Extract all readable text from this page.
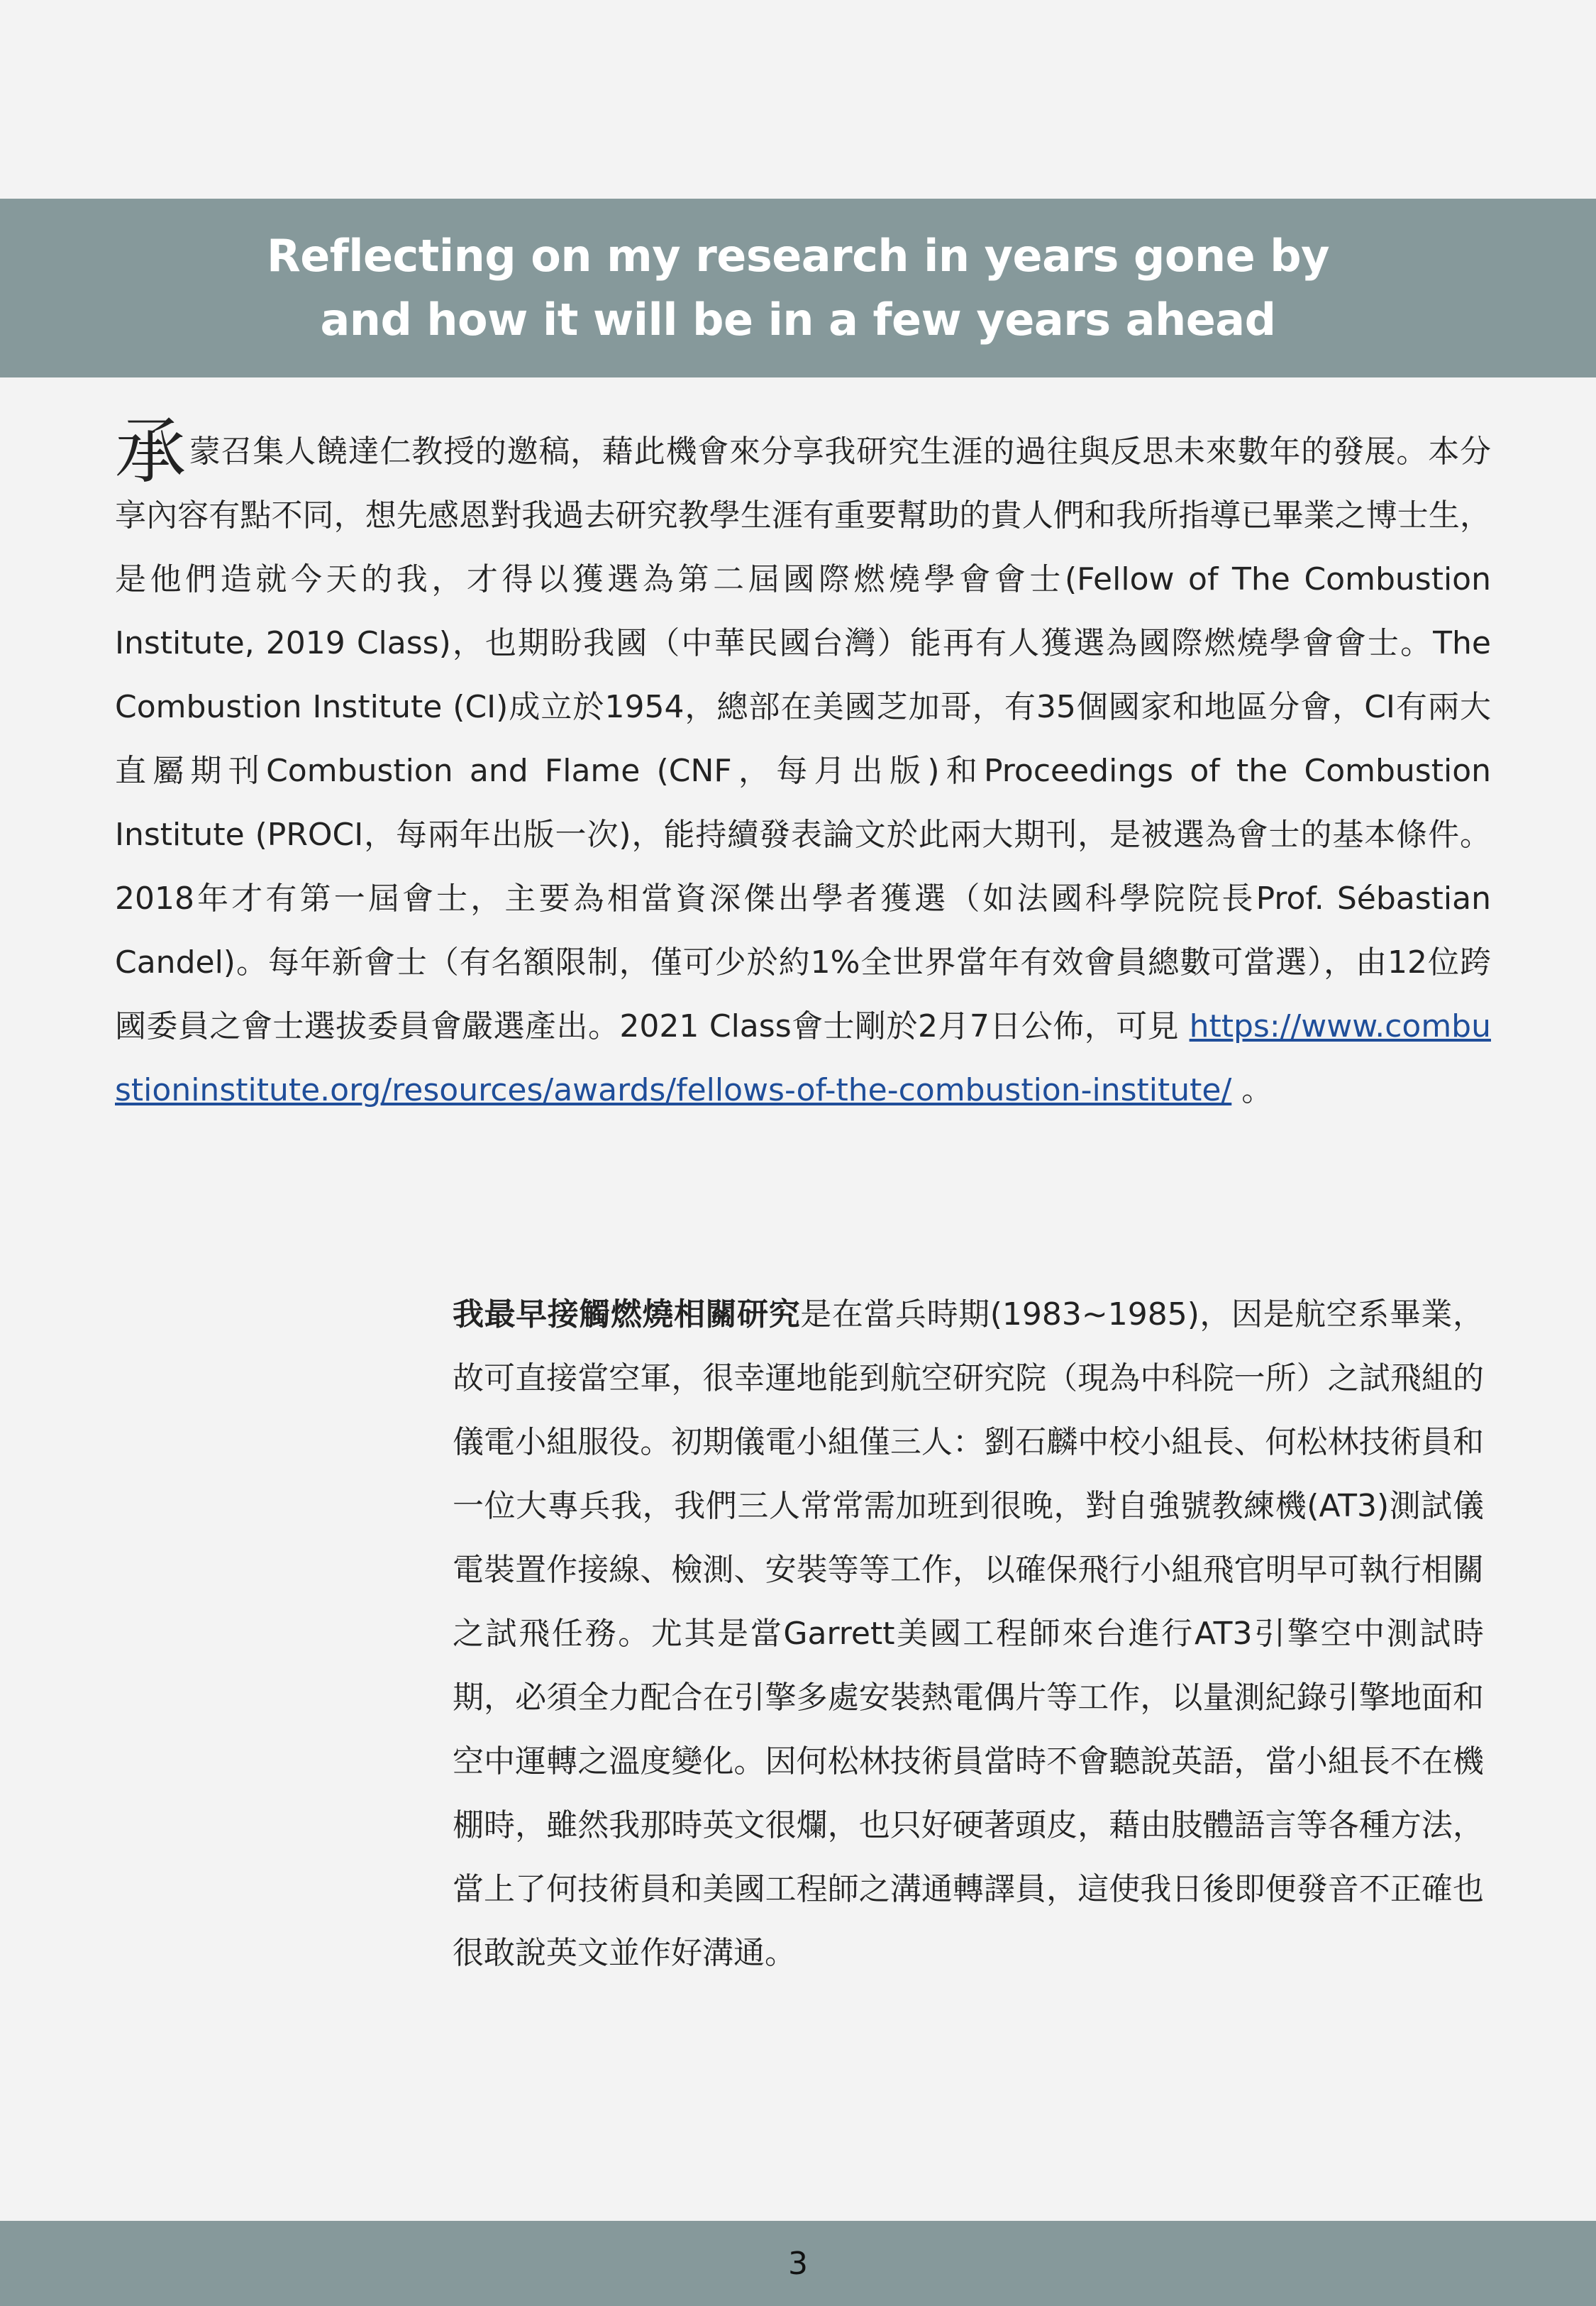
Reflecting on my research in years gone by
and how it will be in a few years ahead

承蒙召集人饒達仁教授的邀稿，藉此機會來分享我研究生涯的過往與反思未來數年的發展。本分享內容有點不同，想先感恩對我過去研究教學生涯有重要幫助的貴人們和我所指導已畢業之博士生，是他們造就今天的我，才得以獲選為第二屆國際燃燒學會會士(Fellow of The Combustion Institute, 2019 Class)，也期盼我國（中華民國台灣）能再有人獲選為國際燃燒學會會士。The Combustion Institute (CI)成立於1954，總部在美國芝加哥，有35個國家和地區分會，CI有兩大直屬期刊Combustion and Flame (CNF，每月出版)和Proceedings of the Combustion Institute (PROCI，每兩年出版一次)，能持續發表論文於此兩大期刊，是被選為會士的基本條件。2018年才有第一屆會士，主要為相當資深傑出學者獲選（如法國科學院院長Prof. Sébastian Candel)。每年新會士（有名額限制，僅可少於約1%全世界當年有效會員總數可當選），由12位跨國委員之會士選拔委員會嚴選產出。2021 Class會士剛於2月7日公佈，可見 https://www.combustioninstitute.org/resources/awards/fellows-of-the-combustion-institute/ 。

我最早接觸燃燒相關研究是在當兵時期(1983~1985)，因是航空系畢業，故可直接當空軍，很幸運地能到航空研究院（現為中科院一所）之試飛組的儀電小組服役。初期儀電小組僅三人：劉石麟中校小組長、何松林技術員和一位大專兵我，我們三人常常需加班到很晚，對自強號教練機(AT3)測試儀電裝置作接線、檢測、安裝等等工作，以確保飛行小組飛官明早可執行相關之試飛任務。尤其是當Garrett美國工程師來台進行AT3引擎空中測試時期，必須全力配合在引擎多處安裝熱電偶片等工作，以量測紀錄引擎地面和空中運轉之溫度變化。因何松林技術員當時不會聽說英語，當小組長不在機棚時，雖然我那時英文很爛，也只好硬著頭皮，藉由肢體語言等各種方法，當上了何技術員和美國工程師之溝通轉譯員，這使我日後即便發音不正確也很敢說英文並作好溝通。
3
